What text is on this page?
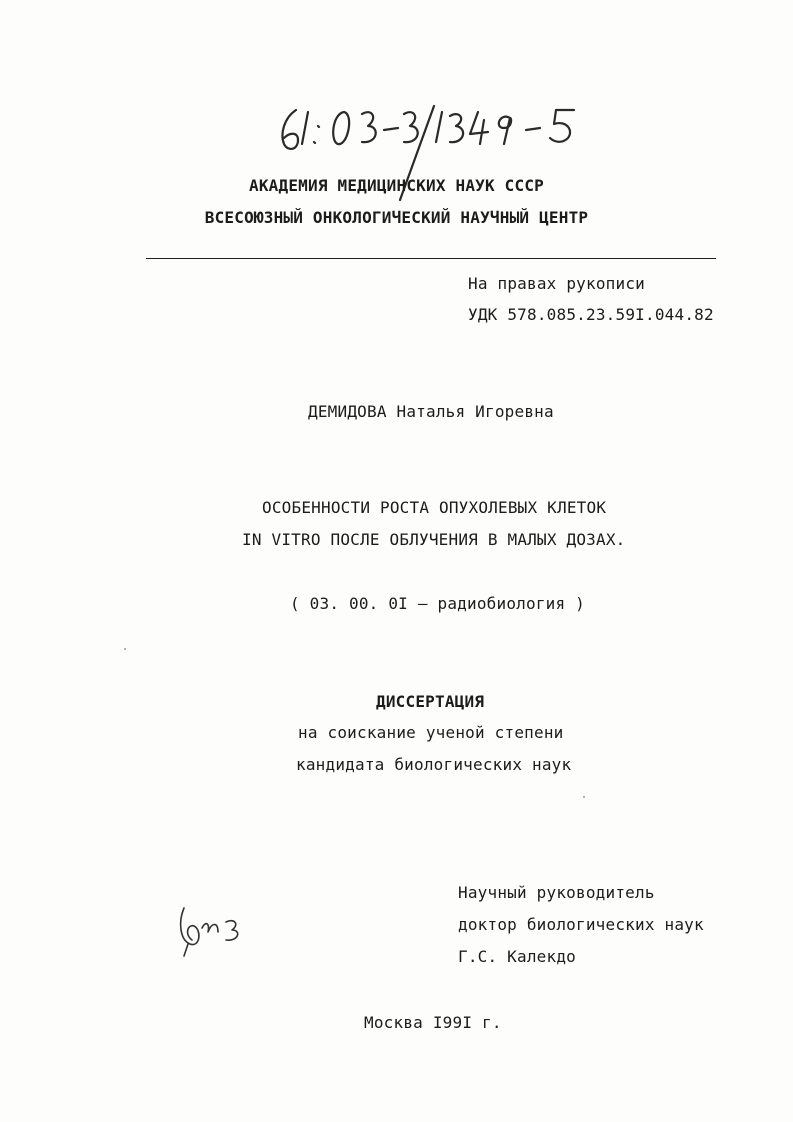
АКАДЕМИЯ МЕДИЦИНСКИХ НАУК СССР
ВСЕСОЮЗНЫЙ ОНКОЛОГИЧЕСКИЙ НАУЧНЫЙ ЦЕНТР
На правах рукописи
УДК 578.085.23.59I.044.82
ДЕМИДОВА Наталья Игоревна
ОСОБЕННОСТИ РОСТА ОПУХОЛЕВЫХ КЛЕТОК
IN VITRO ПОСЛЕ ОБЛУЧЕНИЯ В МАЛЫХ ДОЗАХ.
( 03. 00. 0I – радиобиология )
ДИССЕРТАЦИЯ
на соискание ученой степени
кандидата биологических наук
Научный руководитель
доктор биологических наук
Г.С. Калекдо
Москва I99I г.
